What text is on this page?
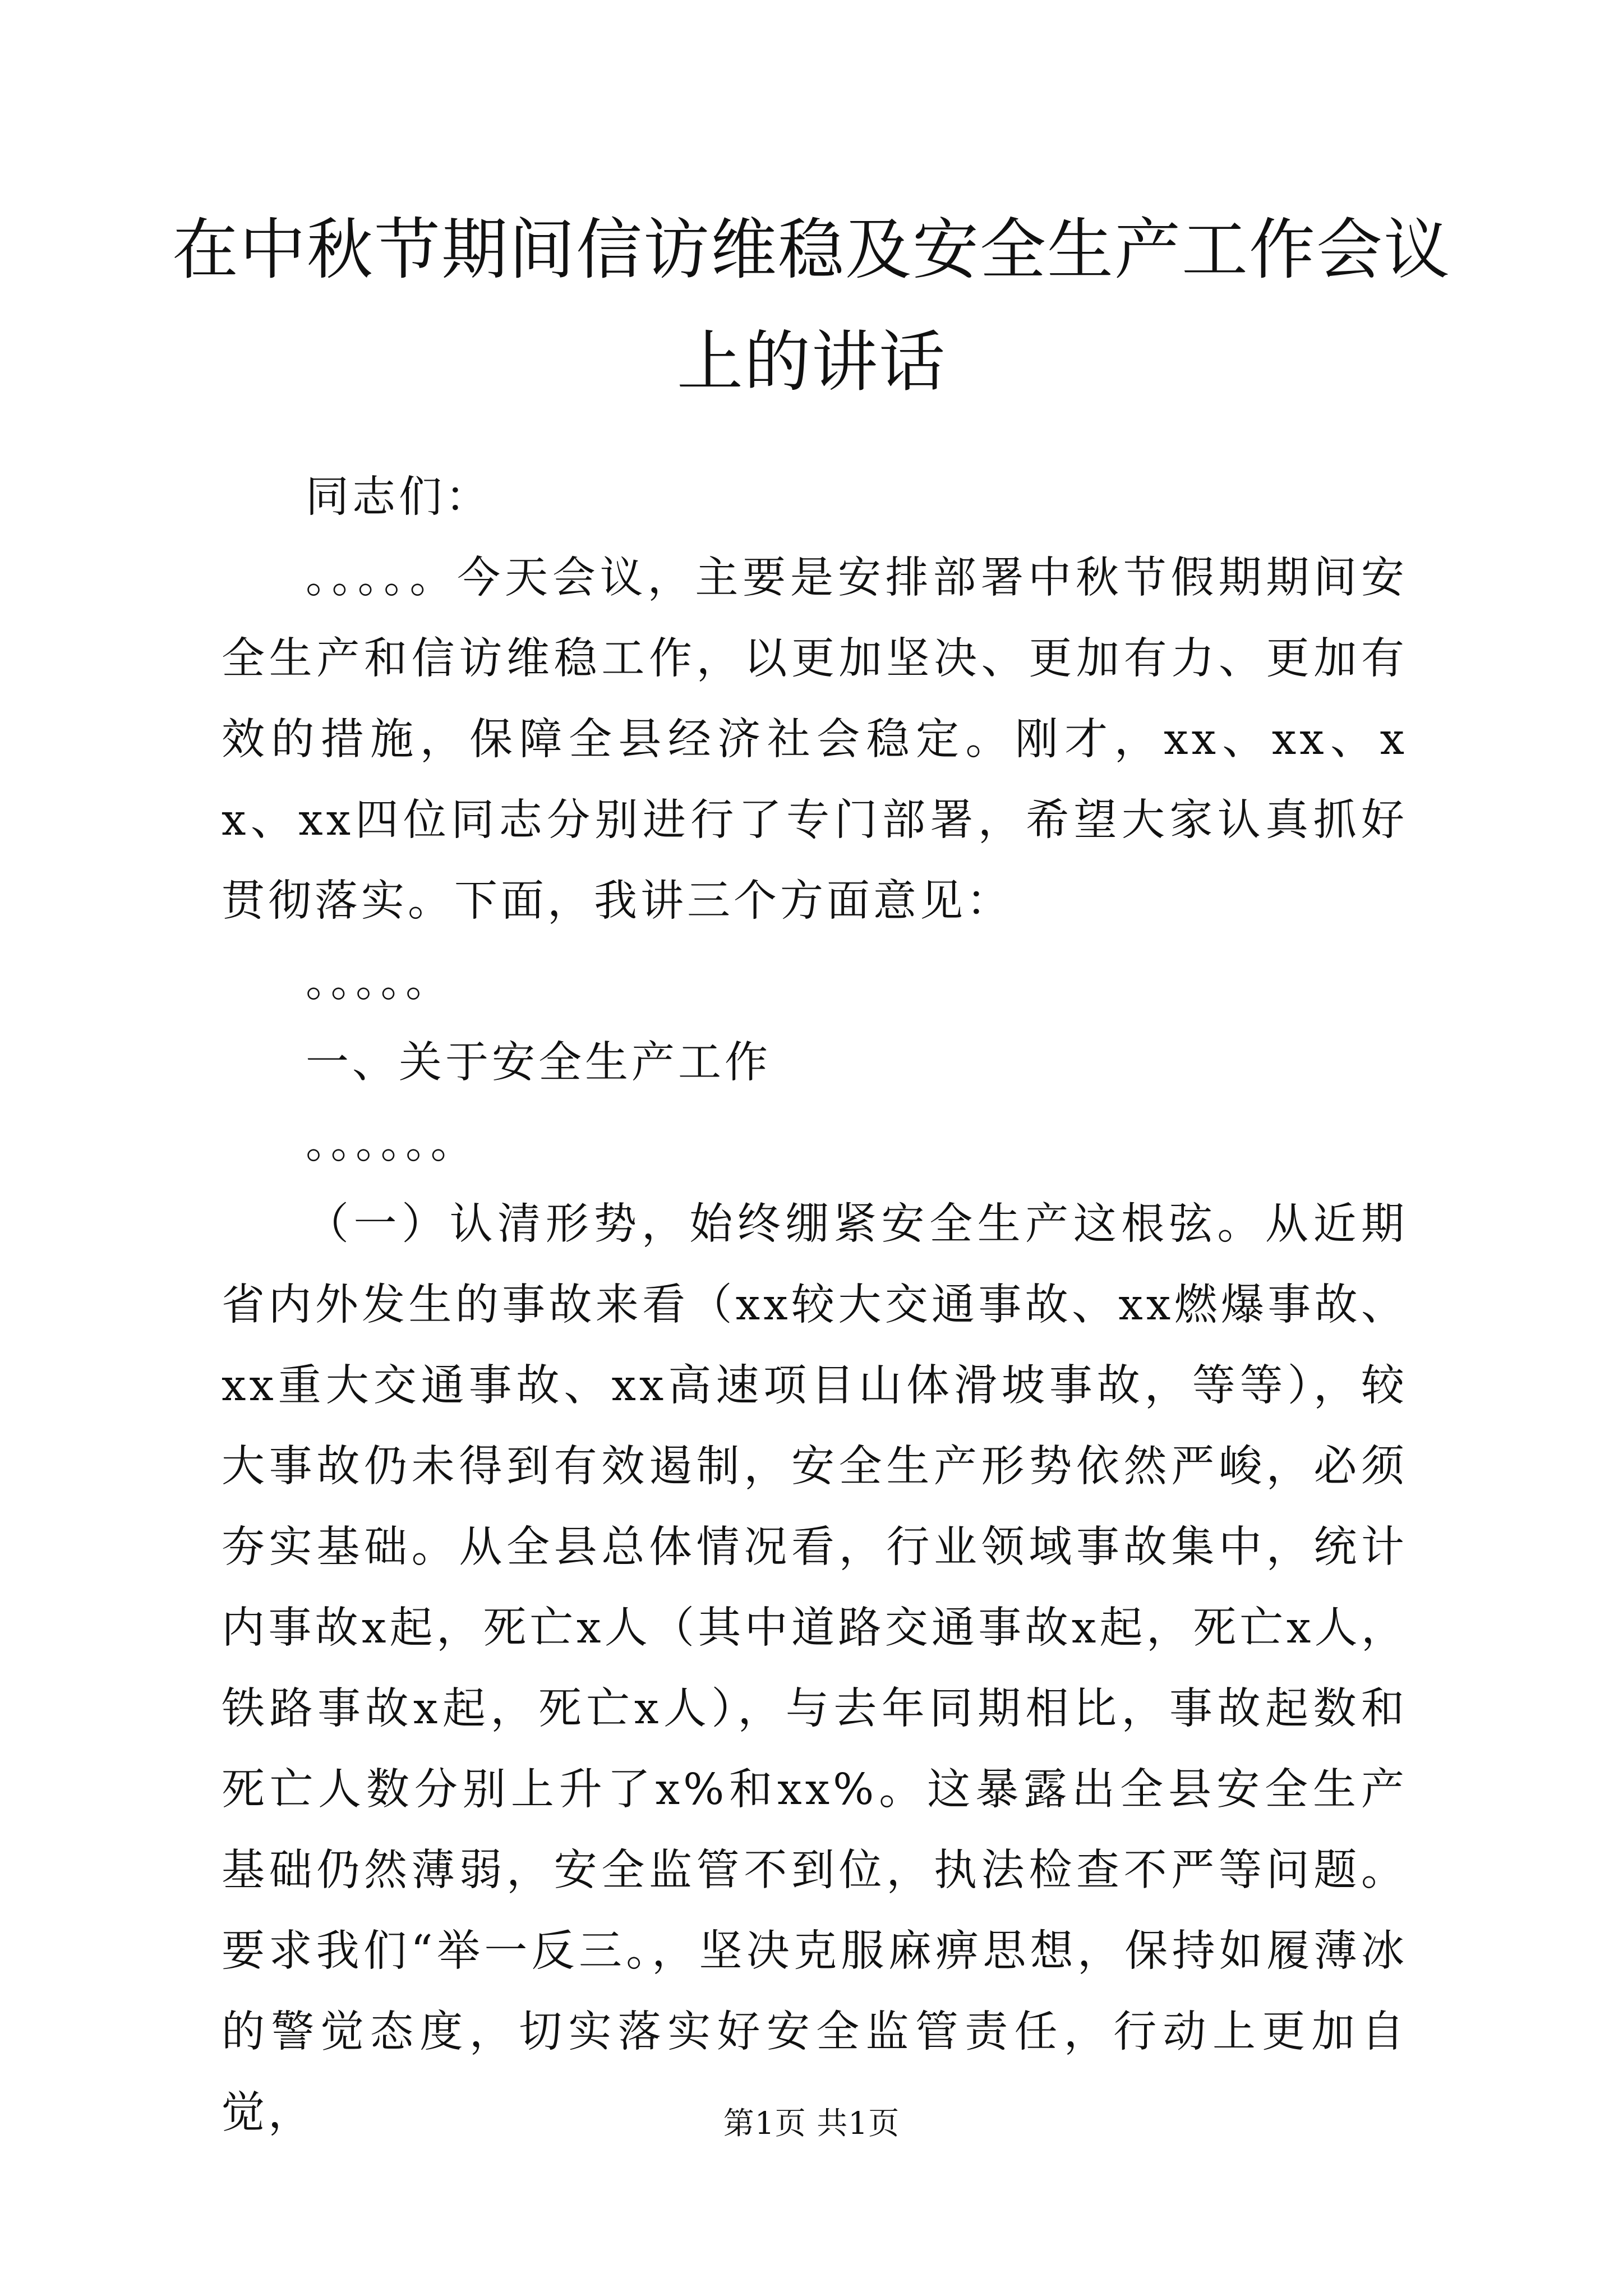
在中秋节期间信访维稳及安全生产工作会议上的讲话

同志们：

。。。。。今天会议，主要是安排部署中秋节假期期间安全生产和信访维稳工作，以更加坚决、更加有力、更加有效的措施，保障全县经济社会稳定。刚才，xx、xx、xx、xx四位同志分别进行了专门部署，希望大家认真抓好贯彻落实。下面，我讲三个方面意见：

。。。。。

一、关于安全生产工作

。。。。。。

（一）认清形势，始终绷紧安全生产这根弦。从近期省内外发生的事故来看（xx较大交通事故、xx燃爆事故、xx重大交通事故、xx高速项目山体滑坡事故，等等），较大事故仍未得到有效遏制，安全生产形势依然严峻，必须夯实基础。从全县总体情况看，行业领域事故集中，统计内事故x起，死亡x人（其中道路交通事故x起，死亡x人，铁路事故x起，死亡x人），与去年同期相比，事故起数和死亡人数分别上升了x%和xx%。这暴露出全县安全生产基础仍然薄弱，安全监管不到位，执法检查不严等问题。要求我们“举一反三。，坚决克服麻痹思想，保持如履薄冰的警觉态度，切实落实好安全监管责任，行动上更加自觉，	第1页 共1页
